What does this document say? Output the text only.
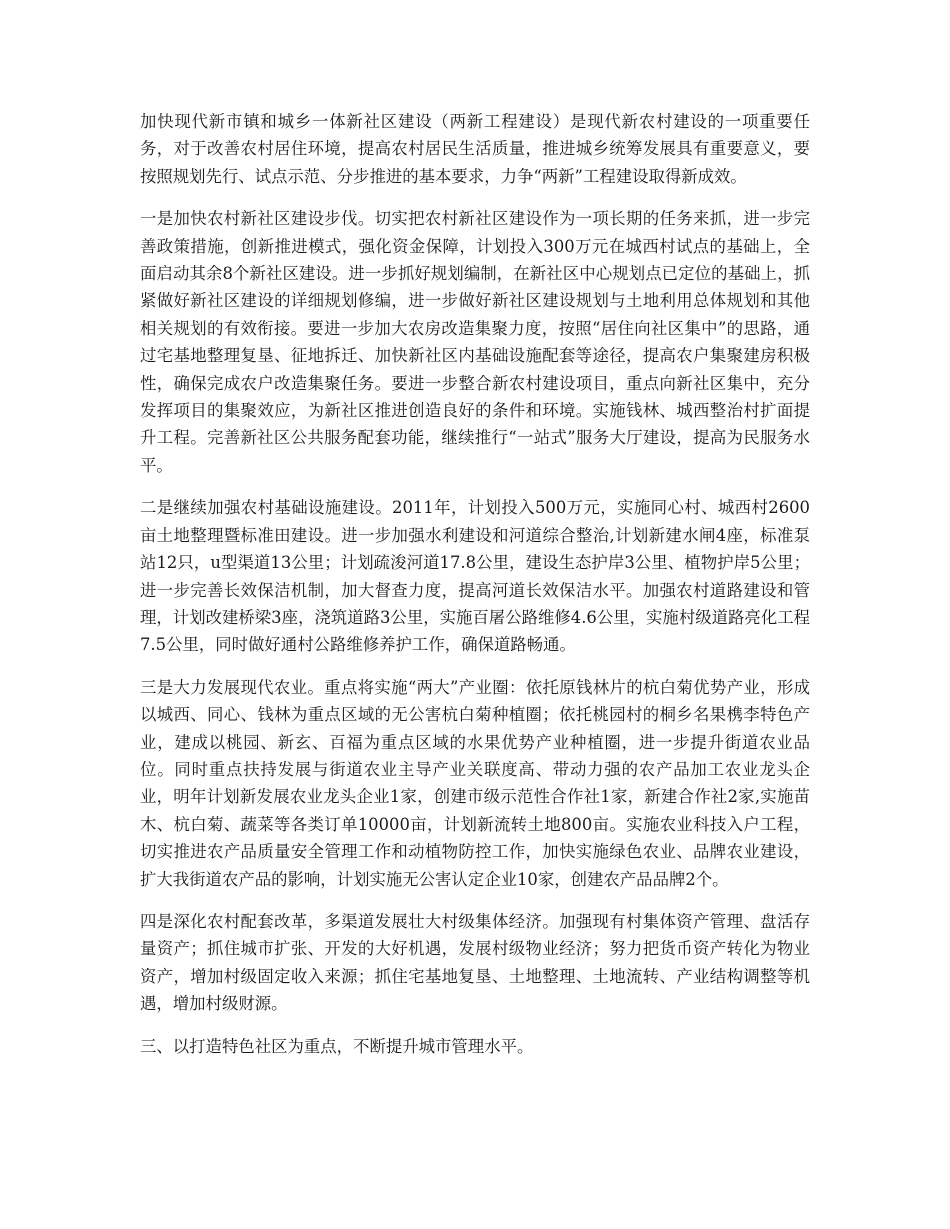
加快现代新市镇和城乡一体新社区建设（两新工程建设）是现代新农村建设的一项重要任务，对于改善农村居住环境，提高农村居民生活质量，推进城乡统筹发展具有重要意义，要按照规划先行、试点示范、分步推进的基本要求，力争“两新”工程建设取得新成效。

一是加快农村新社区建设步伐。切实把农村新社区建设作为一项长期的任务来抓，进一步完善政策措施，创新推进模式，强化资金保障，计划投入300万元在城西村试点的基础上，全面启动其余8个新社区建设。进一步抓好规划编制，在新社区中心规划点已定位的基础上，抓紧做好新社区建设的详细规划修编，进一步做好新社区建设规划与土地利用总体规划和其他相关规划的有效衔接。要进一步加大农房改造集聚力度，按照“居住向社区集中”的思路，通过宅基地整理复垦、征地拆迁、加快新社区内基础设施配套等途径，提高农户集聚建房积极性，确保完成农户改造集聚任务。要进一步整合新农村建设项目，重点向新社区集中，充分发挥项目的集聚效应，为新社区推进创造良好的条件和环境。实施钱林、城西整治村扩面提升工程。完善新社区公共服务配套功能，继续推行“一站式”服务大厅建设，提高为民服务水平。

二是继续加强农村基础设施建设。2011年，计划投入500万元，实施同心村、城西村2600亩土地整理暨标准田建设。进一步加强水利建设和河道综合整治,计划新建水闸4座，标准泵站12只，u型渠道13公里；计划疏浚河道17.8公里，建设生态护岸3公里、植物护岸5公里；进一步完善长效保洁机制，加大督查力度，提高河道长效保洁水平。加强农村道路建设和管理，计划改建桥梁3座，浇筑道路3公里，实施百屠公路维修4.6公里，实施村级道路亮化工程7.5公里，同时做好通村公路维修养护工作，确保道路畅通。

三是大力发展现代农业。重点将实施“两大”产业圈：依托原钱林片的杭白菊优势产业，形成以城西、同心、钱林为重点区域的无公害杭白菊种植圈；依托桃园村的桐乡名果槜李特色产业，建成以桃园、新玄、百福为重点区域的水果优势产业种植圈，进一步提升街道农业品位。同时重点扶持发展与街道农业主导产业关联度高、带动力强的农产品加工农业龙头企业，明年计划新发展农业龙头企业1家，创建市级示范性合作社1家，新建合作社2家,实施苗木、杭白菊、蔬菜等各类订单10000亩，计划新流转土地800亩。实施农业科技入户工程，切实推进农产品质量安全管理工作和动植物防控工作，加快实施绿色农业、品牌农业建设，扩大我街道农产品的影响，计划实施无公害认定企业10家，创建农产品品牌2个。

四是深化农村配套改革，多渠道发展壮大村级集体经济。加强现有村集体资产管理、盘活存量资产；抓住城市扩张、开发的大好机遇，发展村级物业经济；努力把货币资产转化为物业资产，增加村级固定收入来源；抓住宅基地复垦、土地整理、土地流转、产业结构调整等机遇，增加村级财源。

三、以打造特色社区为重点，不断提升城市管理水平。
